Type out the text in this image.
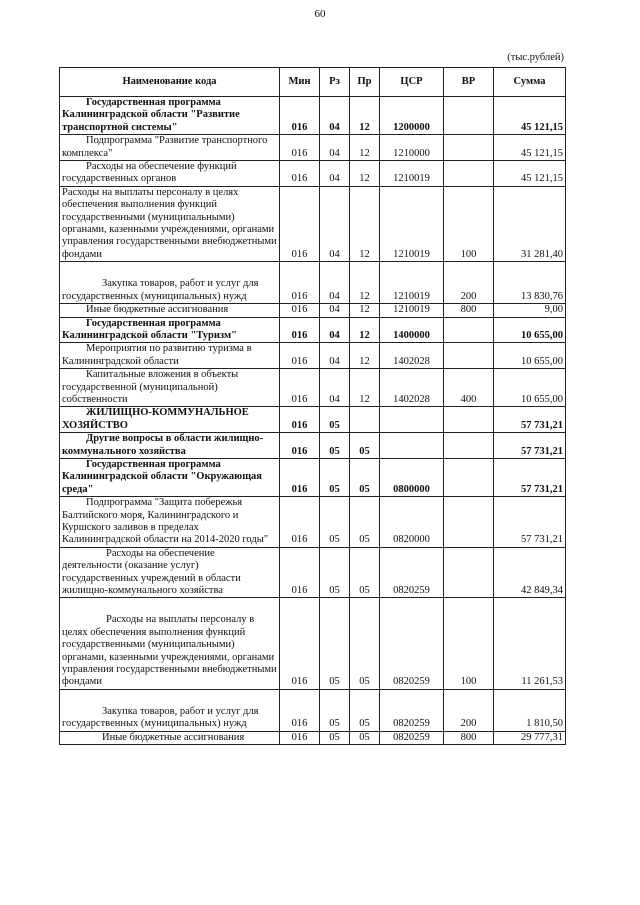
60
(тыс.рублей)
Наименование кода	Мин	Рз	Пр	ЦСР	ВР	Сумма
Государственная программа Калининградской области "Развитие транспортной системы"	016	04	12	1200000		45 121,15
Подпрограмма "Развитие транспортного комплекса"	016	04	12	1210000		45 121,15
Расходы на обеспечение функций государственных органов	016	04	12	1210019		45 121,15
Расходы на выплаты персоналу в целях обеспечения выполнения функций государственными (муниципальными) органами, казенными учреждениями, органами управления государственными внебюджетными фондами	016	04	12	1210019	100	31 281,40
Закупка товаров, работ и услуг для государственных (муниципальных) нужд	016	04	12	1210019	200	13 830,76
Иные бюджетные ассигнования	016	04	12	1210019	800	9,00
Государственная программа Калининградской области "Туризм"	016	04	12	1400000		10 655,00
Мероприятия по развитию туризма в Калининградской области	016	04	12	1402028		10 655,00
Капитальные вложения в объекты государственной (муниципальной) собственности	016	04	12	1402028	400	10 655,00
ЖИЛИЩНО-КОММУНАЛЬНОЕ ХОЗЯЙСТВО	016	05				57 731,21
Другие вопросы в области жилищно-коммунального хозяйства	016	05	05			57 731,21
Государственная программа Калининградской области "Окружающая среда"	016	05	05	0800000		57 731,21
Подпрограмма "Защита побережья Балтийского моря, Калининградского и Куршского заливов в пределах Калининградской области на 2014-2020 годы"	016	05	05	0820000		57 731,21
Расходы на обеспечение деятельности (оказание услуг) государственных учреждений в области жилищно-коммунального хозяйства	016	05	05	0820259		42 849,34
Расходы на выплаты персоналу в целях обеспечения выполнения функций государственными (муниципальными) органами, казенными учреждениями, органами управления государственными внебюджетными фондами	016	05	05	0820259	100	11 261,53
Закупка товаров, работ и услуг для государственных (муниципальных) нужд	016	05	05	0820259	200	1 810,50
Иные бюджетные ассигнования	016	05	05	0820259	800	29 777,31
